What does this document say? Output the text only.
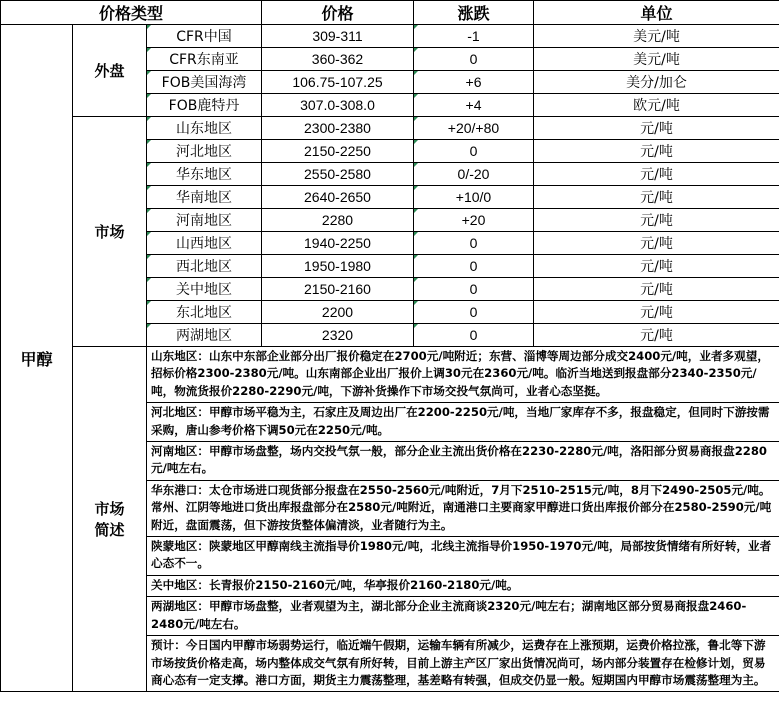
价格类型	价格	涨跌	单位
甲醇	外盘	CFR中国	309-311	-1	美元/吨
CFR东南亚	360-362	0	美元/吨
FOB美国海湾	106.75-107.25	+6	美分/加仑
FOB鹿特丹	307.0-308.0	+4	欧元/吨
市场	山东地区	2300-2380	+20/+80	元/吨
河北地区	2150-2250	0	元/吨
华东地区	2550-2580	0/-20	元/吨
华南地区	2640-2650	+10/0	元/吨
河南地区	2280	+20	元/吨
山西地区	1940-2250	0	元/吨
西北地区	1950-1980	0	元/吨
关中地区	2150-2160	0	元/吨
东北地区	2200	0	元/吨
两湖地区	2320	0	元/吨
市场
简述	
山东地区：山东中东部企业部分出厂报价稳定在2700元/吨附近；东营、淄博等周边部分成交2400元/吨，业者多观望，招标价格2300-2380元/吨。山东南部企业出厂报价上调30元在2360元/吨。临沂当地送到报盘部分2340-2350元/吨，物流货报价2280-2290元/吨，下游补货操作下市场交投气氛尚可，业者心态坚挺。
河北地区：甲醇市场平稳为主，石家庄及周边出厂在2200-2250元/吨，当地厂家库存不多，报盘稳定，但同时下游按需采购，唐山参考价格下调50元在2250元/吨。
河南地区：甲醇市场盘整，场内交投气氛一般，部分企业主流出货价格在2230-2280元/吨，洛阳部分贸易商报盘2280元/吨左右。
华东港口：太仓市场进口现货部分报盘在2550-2560元/吨附近，7月下2510-2515元/吨，8月下2490-2505元/吨。常州、江阴等地进口货出库报盘部分在2580元/吨附近，南通港口主要商家甲醇进口货出库报价部分在2580-2590元/吨附近，盘面震荡，但下游按货整体偏清淡，业者随行为主。
陕蒙地区：陕蒙地区甲醇南线主流指导价1980元/吨，北线主流指导价1950-1970元/吨，局部按货情绪有所好转，业者心态不一。
关中地区：长青报价2150-2160元/吨，华亭报价2160-2180元/吨。
两湖地区：甲醇市场盘整，业者观望为主，湖北部分企业主流商谈2320元/吨左右；湖南地区部分贸易商报盘2460-2480元/吨左右。
预计：今日国内甲醇市场弱势运行，临近端午假期，运输车辆有所减少，运费存在上涨预期，运费价格拉涨，鲁北等下游市场按货价格走高，场内整体成交气氛有所好转，目前上游主产区厂家出货情况尚可，场内部分装置存在检修计划，贸易商心态有一定支撑。港口方面，期货主力震荡整理，基差略有转强，但成交仍显一般。短期国内甲醇市场震荡整理为主。
